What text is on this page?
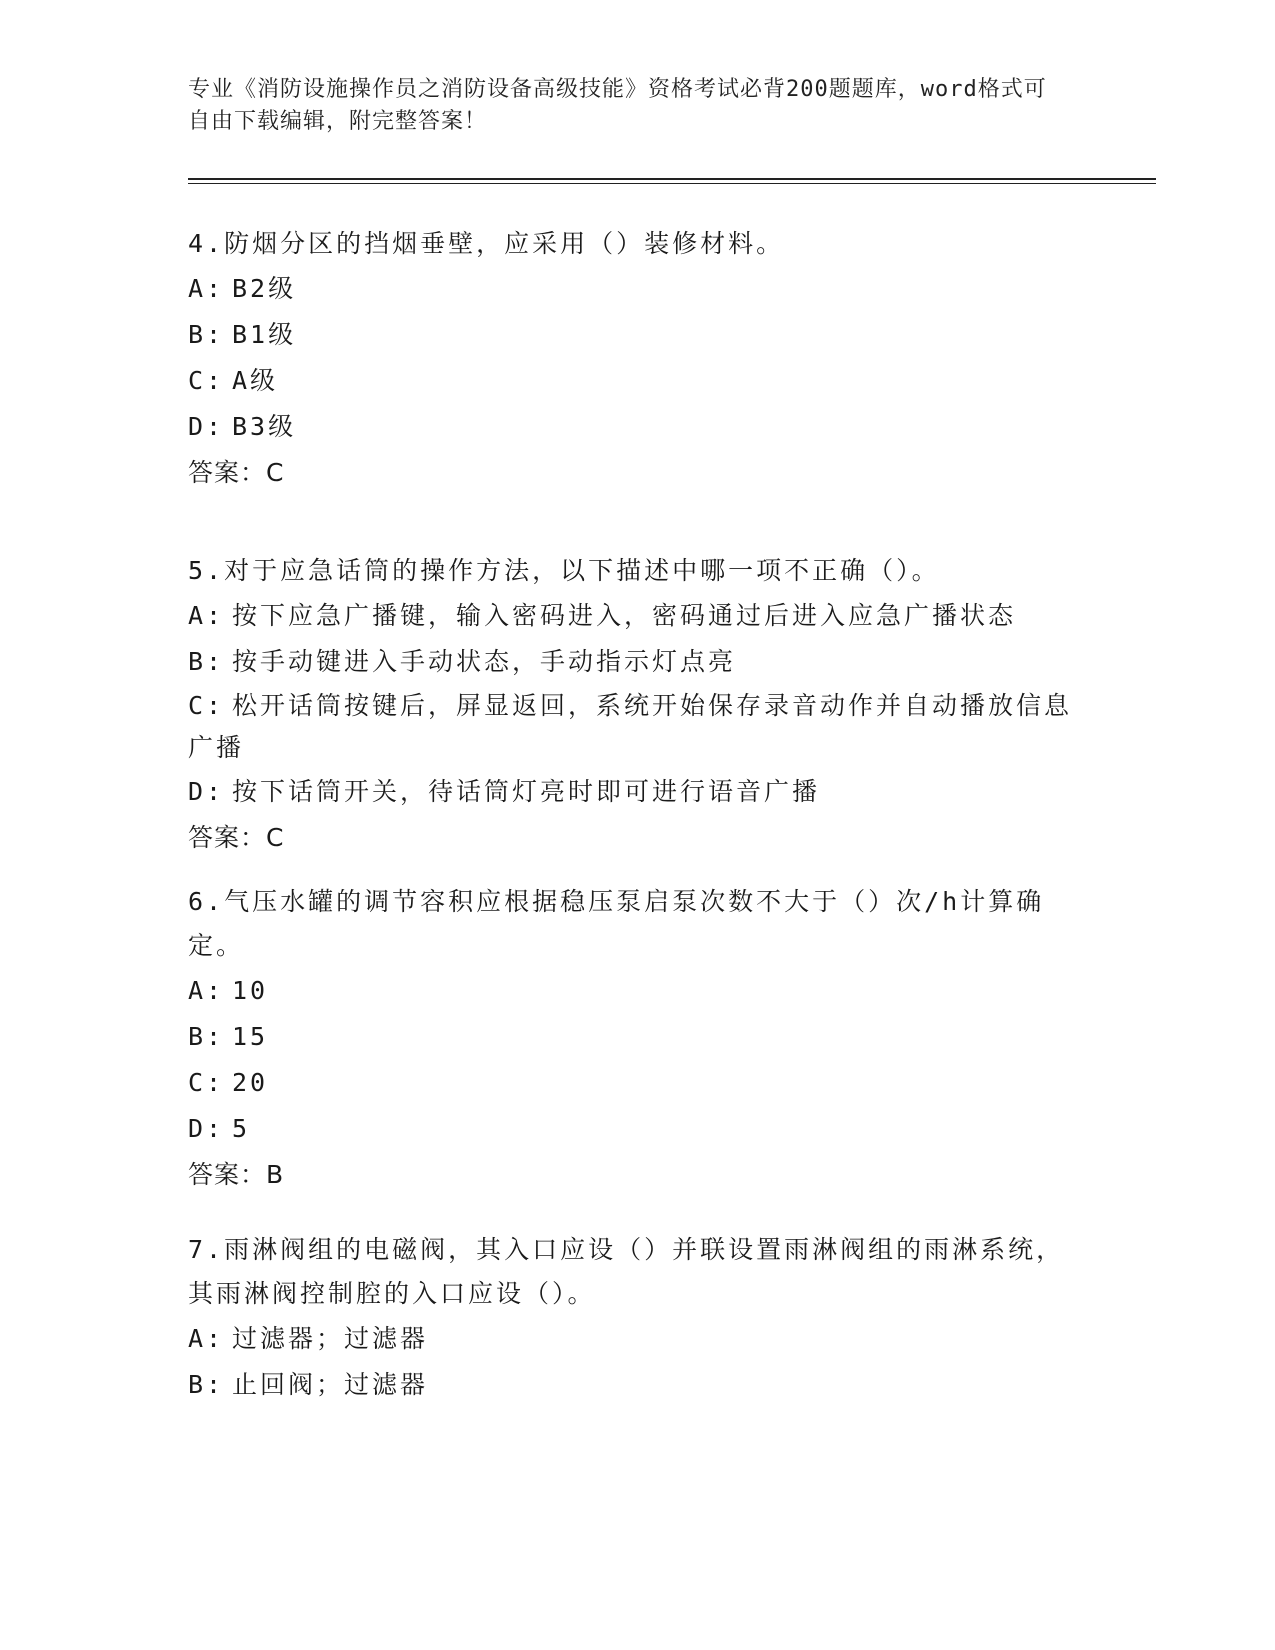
专业《消防设施操作员之消防设备高级技能》资格考试必背200题题库，word格式可自由下载编辑，附完整答案！

4.防烟分区的挡烟垂壁，应采用（）装修材料。

A: B2级

B: B1级

C: A级

D: B3级

答案：C

5.对于应急话筒的操作方法，以下描述中哪一项不正确（）。

A: 按下应急广播键，输入密码进入，密码通过后进入应急广播状态

B: 按手动键进入手动状态，手动指示灯点亮

C: 松开话筒按键后，屏显返回，系统开始保存录音动作并自动播放信息广播

D: 按下话筒开关，待话筒灯亮时即可进行语音广播

答案：C

6.气压水罐的调节容积应根据稳压泵启泵次数不大于（）次/h计算确定。

A: 10

B: 15

C: 20

D: 5

答案：B

7.雨淋阀组的电磁阀，其入口应设（）并联设置雨淋阀组的雨淋系统，其雨淋阀控制腔的入口应设（）。

A: 过滤器；过滤器

B: 止回阀；过滤器
